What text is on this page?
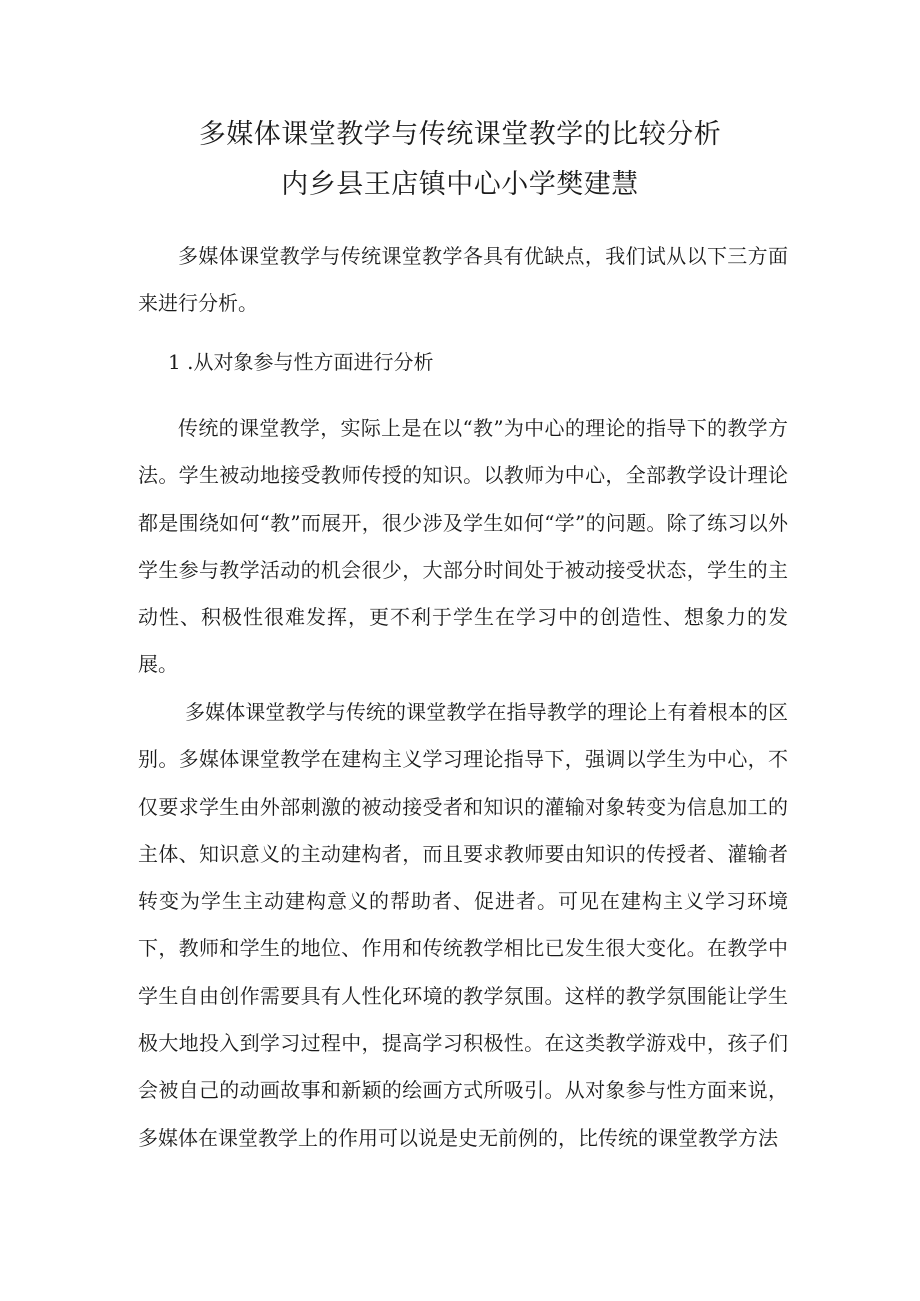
多媒体课堂教学与传统课堂教学的比较分析
内乡县王店镇中心小学樊建慧

多媒体课堂教学与传统课堂教学各具有优缺点，我们试从以下三方面来进行分析。

1 .从对象参与性方面进行分析

传统的课堂教学，实际上是在以“教”为中心的理论的指导下的教学方法。学生被动地接受教师传授的知识。以教师为中心，全部教学设计理论都是围绕如何“教”而展开，很少涉及学生如何“学”的问题。除了练习以外学生参与教学活动的机会很少，大部分时间处于被动接受状态，学生的主动性、积极性很难发挥，更不利于学生在学习中的创造性、想象力的发展。

多媒体课堂教学与传统的课堂教学在指导教学的理论上有着根本的区别。多媒体课堂教学在建构主义学习理论指导下，强调以学生为中心，不仅要求学生由外部刺激的被动接受者和知识的灌输对象转变为信息加工的主体、知识意义的主动建构者，而且要求教师要由知识的传授者、灌输者转变为学生主动建构意义的帮助者、促进者。可见在建构主义学习环境下，教师和学生的地位、作用和传统教学相比已发生很大变化。在教学中学生自由创作需要具有人性化环境的教学氛围。这样的教学氛围能让学生极大地投入到学习过程中，提高学习积极性。在这类教学游戏中，孩子们会被自己的动画故事和新颖的绘画方式所吸引。从对象参与性方面来说，多媒体在课堂教学上的作用可以说是史无前例的，比传统的课堂教学方法
